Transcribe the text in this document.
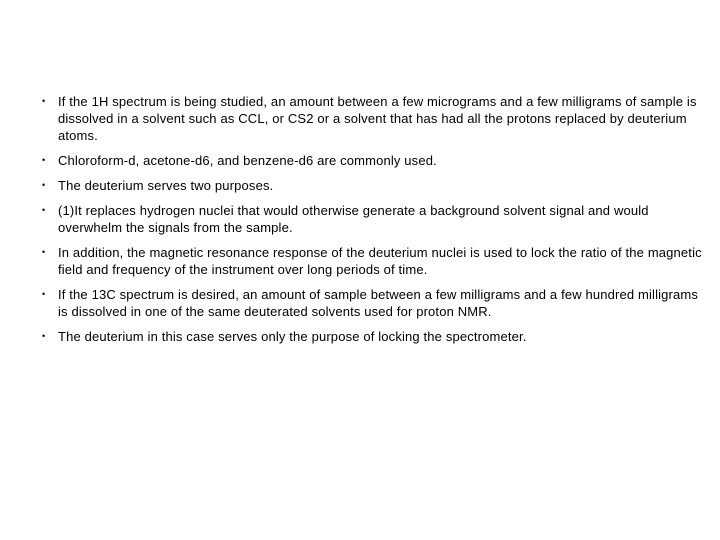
• If the 1H spectrum is being studied, an amount between a few micrograms and a few milligrams of sample is dissolved in a solvent such as CCL, or CS2 or a solvent that has had all the protons replaced by deuterium atoms.
• Chloroform-d, acetone-d6, and benzene-d6 are commonly used.
• The deuterium serves two purposes.
• (1)It replaces hydrogen nuclei that would otherwise generate a background solvent signal and would overwhelm the signals from the sample.
• In addition, the magnetic resonance response of the deuterium nuclei is used to lock the ratio of the magnetic field and frequency of the instrument over long periods of time.
• If the 13C spectrum is desired, an amount of sample between a few milligrams and a few hundred milligrams is dissolved in one of the same deuterated solvents used for proton NMR.
• The deuterium in this case serves only the purpose of locking the spectrometer.
